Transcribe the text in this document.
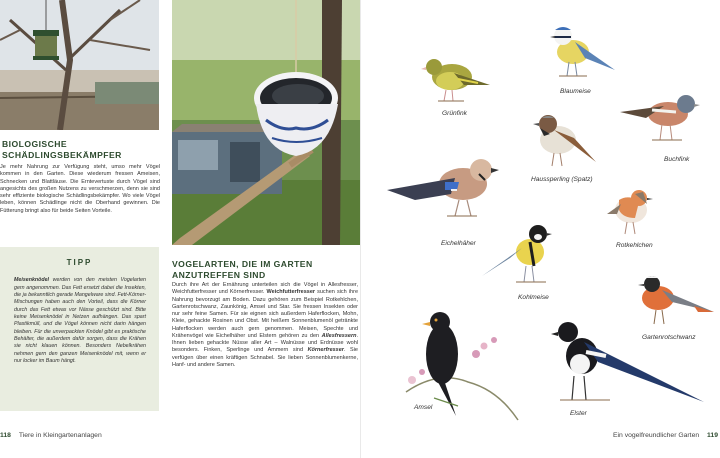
BIOLOGISCHE SCHÄDLINGSBEKÄMPFER

Je mehr Nahrung zur Verfügung steht, umso mehr Vögel kommen in den Garten. Diese wiederum fressen Ameisen, Schnecken und Blattläuse. Die Erntevertuste durch Vögel sind angesichts des großen Nutzens zu verschmerzen, denn sie sind sehr effiziente biologische Schädlingsbekämpfer. Wo viele Vögel leben, können Schädlinge nicht die Oberhand gewinnen. Die Fütterung bringt also für beide Seiten Vorteile.

TIPP

Meisenknödel werden von den meisten Vogelarten gern angenommen. Das Fett ersetzt dabei die Insekten, die ja bekanntlich gerade Mangelware sind. Fett-Körner-Mischungen haben auch den Vorteil, dass die Körner durch das Fett etwas vor Nässe geschützt sind. Bitte keine Meisenknödel in Netzen aufhängen. Das spart Plastikmüll, und die Vögel können nicht darin hängen bleiben. Für die unverpackten Knödel gibt es praktische Behälter, die außerdem dafür sorgen, dass die Krähen sie nicht klauen können. Besonders Nebelkrähen nehmen gern den ganzen Meisenknödel mit, wenn er nur locker im Baum hängt.

VOGELARTEN, DIE IM GARTEN ANZUTREFFEN SIND

Durch ihre Art der Ernährung unterteilen sich die Vögel in Allesfresser, Weichfutterfresser und Körnerfresser. Weichfutterfresser suchen sich ihre Nahrung bevorzugt am Boden. Dazu gehören zum Beispiel Rotkehlchen, Gartenrotschwanz, Zaunkönig, Amsel und Star. Sie fressen Insekten oder nur sehr feine Samen. Für sie eignen sich außerdem Haferflocken, Mohn, Kleie, gehackte Rosinen und Obst. Mit heißem Sonnenblumenöl getränkte Haferflocken werden auch gern genommen. Meisen, Spechte und Krähenvögel wie Eichelhäher und Elstern gehören zu den Allesfressern. Ihnen lieben gehackte Nüsse aller Art – Walnüsse und Erdnüsse wohl besonders. Finken, Sperlinge und Ammern sind Körnerfresser. Sie verfügen über einen kräftigen Schnabel. Sie lieben Sonnenblumenkerne, Hanf- und andere Samen.

118 Tiere in Kleingartenanlagen
Grünfink
Blaumeise
Buchfink
Haussperling (Spatz)
Eichelhäher	Rotkehlchen
Kohlmeise
Gartenrotschwanz
Amsel
Elster
Ein vogelfreundlicher Garten 119
